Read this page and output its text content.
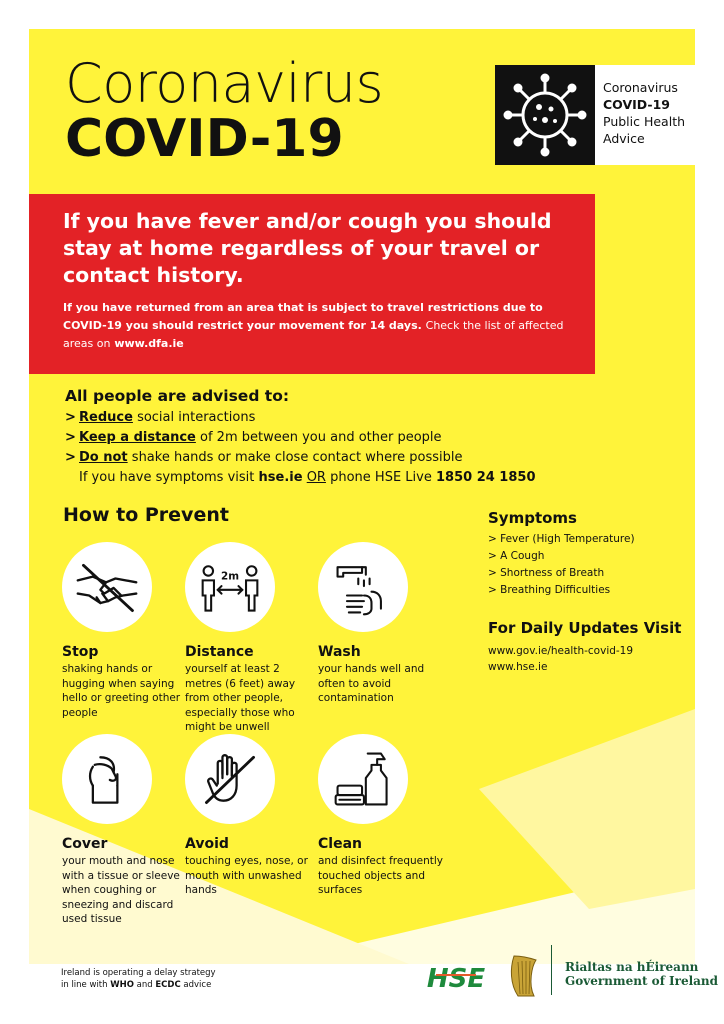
Coronavirus
COVID-19
Coronavirus
COVID-19
Public Health
Advice
If you have fever and/or cough you should stay at home regardless of your travel or contact history.
If you have returned from an area that is subject to travel restrictions due to COVID-19 you should restrict your movement for 14 days. Check the list of affected areas on www.dfa.ie
All people are advised to:
> Reduce social interactions
> Keep a distance of 2m between you and other people
> Do not shake hands or make close contact where possible
If you have symptoms visit hse.ie OR phone HSE Live 1850 24 1850
How to Prevent
Stop
shaking hands or hugging when saying hello or greeting other people
2m
Distance
yourself at least 2 metres (6 feet) away from other people, especially those who might be unwell
Wash
your hands well and often to avoid contamination
Cover
your mouth and nose with a tissue or sleeve when coughing or sneezing and discard used tissue
Avoid
touching eyes, nose, or mouth with unwashed hands
Clean
and disinfect frequently touched objects and surfaces
Symptoms
> Fever (High Temperature)
> A Cough
> Shortness of Breath
> Breathing Difficulties
For Daily Updates Visit
www.gov.ie/health-covid-19
www.hse.ie
Ireland is operating a delay strategy
in line with WHO and ECDC advice	HSE	Rialtas na hÉireann
Government of Ireland
